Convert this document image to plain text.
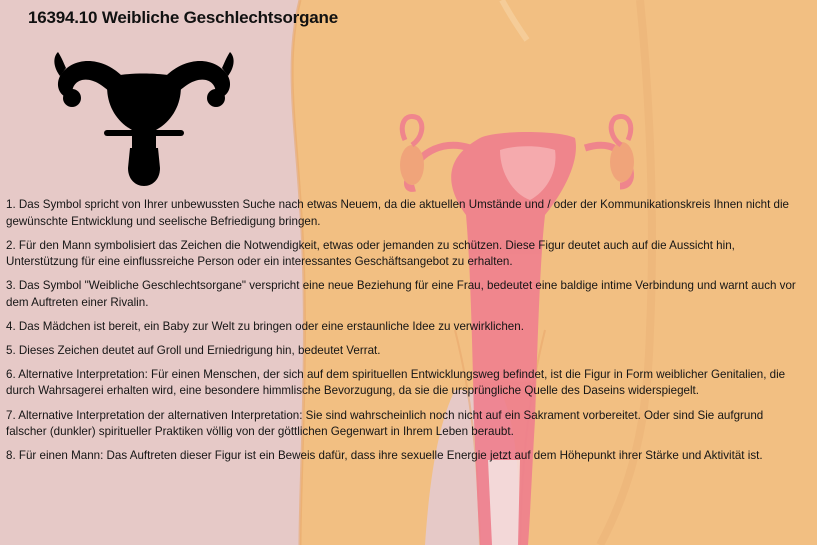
16394.10 Weibliche Geschlechtsorgane
1. Das Symbol spricht von Ihrer unbewussten Suche nach etwas Neuem, da die aktuellen Umstände und / oder der Kommunikationskreis Ihnen nicht die gewünschte Entwicklung und seelische Befriedigung bringen.
2. Für den Mann symbolisiert das Zeichen die Notwendigkeit, etwas oder jemanden zu schützen. Diese Figur deutet auch auf die Aussicht hin, Unterstützung für eine einflussreiche Person oder ein interessantes Geschäftsangebot zu erhalten.
3. Das Symbol "Weibliche Geschlechtsorgane" verspricht eine neue Beziehung für eine Frau, bedeutet eine baldige intime Verbindung und warnt auch vor dem Auftreten einer Rivalin.
4. Das Mädchen ist bereit, ein Baby zur Welt zu bringen oder eine erstaunliche Idee zu verwirklichen.
5. Dieses Zeichen deutet auf Groll und Erniedrigung hin, bedeutet Verrat.
6. Alternative Interpretation: Für einen Menschen, der sich auf dem spirituellen Entwicklungsweg befindet, ist die Figur in Form weiblicher Genitalien, die durch Wahrsagerei erhalten wird, eine besondere himmlische Bevorzugung, da sie die ursprüngliche Quelle des Daseins widerspiegelt.
7. Alternative Interpretation der alternativen Interpretation: Sie sind wahrscheinlich noch nicht auf ein Sakrament vorbereitet. Oder sind Sie aufgrund falscher (dunkler) spiritueller Praktiken völlig von der göttlichen Gegenwart in Ihrem Leben beraubt.
8. Für einen Mann: Das Auftreten dieser Figur ist ein Beweis dafür, dass ihre sexuelle Energie jetzt auf dem Höhepunkt ihrer Stärke und Aktivität ist.
